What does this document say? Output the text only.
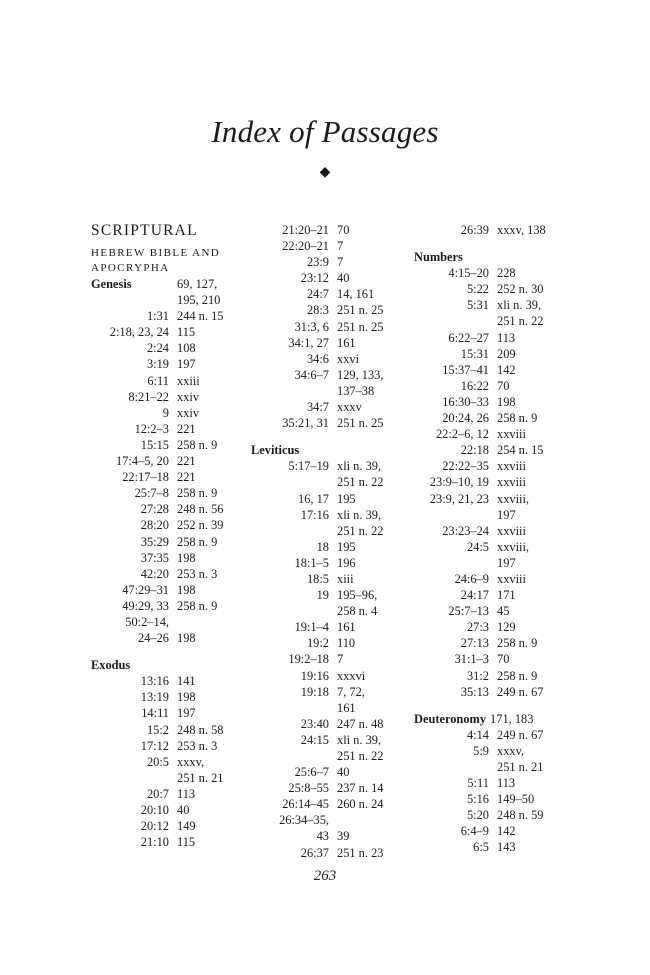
Index of Passages
◆
SCRIPTURAL
HEBREW BIBLE AND
APOCRYPHA
Genesis	69, 127,
195, 210
1:31 244 n. 15
2:18, 23, 24 115
2:24 108
3:19 197
6:11 xxiii
8:21–22 xxiv
9 xxiv
12:2–3 221
15:15 258 n. 9
17:4–5, 20 221
22:17–18 221
25:7–8 258 n. 9
27:28 248 n. 56
28:20 252 n. 39
35:29 258 n. 9
37:35 198
42:20 253 n. 3
47:29–31 198
49:29, 33 258 n. 9
50:2–14,
24–26 198
Exodus
13:16 141
13:19 198
14:11 197
15:2 248 n. 58
17:12 253 n. 3
20:5 xxxv,
251 n. 21
20:7 113
20:10 40
20:12 149
21:10 115
21:20–21 70
22:20–21 7
23:9 7
23:12 40
24:7 14, 161
28:3 251 n. 25
31:3, 6 251 n. 25
34:1, 27 161
34:6 xxvi
34:6–7 129, 133,
137–38
34:7 xxxv
35:21, 31 251 n. 25
Leviticus
5:17–19 xli n. 39,
251 n. 22
16, 17 195
17:16 xli n. 39,
251 n. 22
18 195
18:1–5 196
18:5 xiii
19 195–96,
258 n. 4
19:1–4 161
19:2 110
19:2–18 7
19:16 xxxvi
19:18 7, 72,
161
23:40 247 n. 48
24:15 xli n. 39,
251 n. 22
25:6–7 40
25:8–55 237 n. 14
26:14–45 260 n. 24
26:34–35,
43 39
26:37 251 n. 23
26:39 xxxv, 138
Numbers
4:15–20 228
5:22 252 n. 30
5:31 xli n. 39,
251 n. 22
6:22–27 113
15:31 209
15:37–41 142
16:22 70
16:30–33 198
20:24, 26 258 n. 9
22:2–6, 12 xxviii
22:18 254 n. 15
22:22–35 xxviii
23:9–10, 19 xxviii
23:9, 21, 23 xxviii,
197
23:23–24 xxviii
24:5 xxviii,
197
24:6–9 xxviii
24:17 171
25:7–13 45
27:3 129
27:13 258 n. 9
31:1–3 70
31:2 258 n. 9
35:13 249 n. 67
Deuteronomy 171, 183
4:14 249 n. 67
5:9 xxxv,
251 n. 21
5:11 113
5:16 149–50
5:20 248 n. 59
6:4–9 142
6:5 143
263
